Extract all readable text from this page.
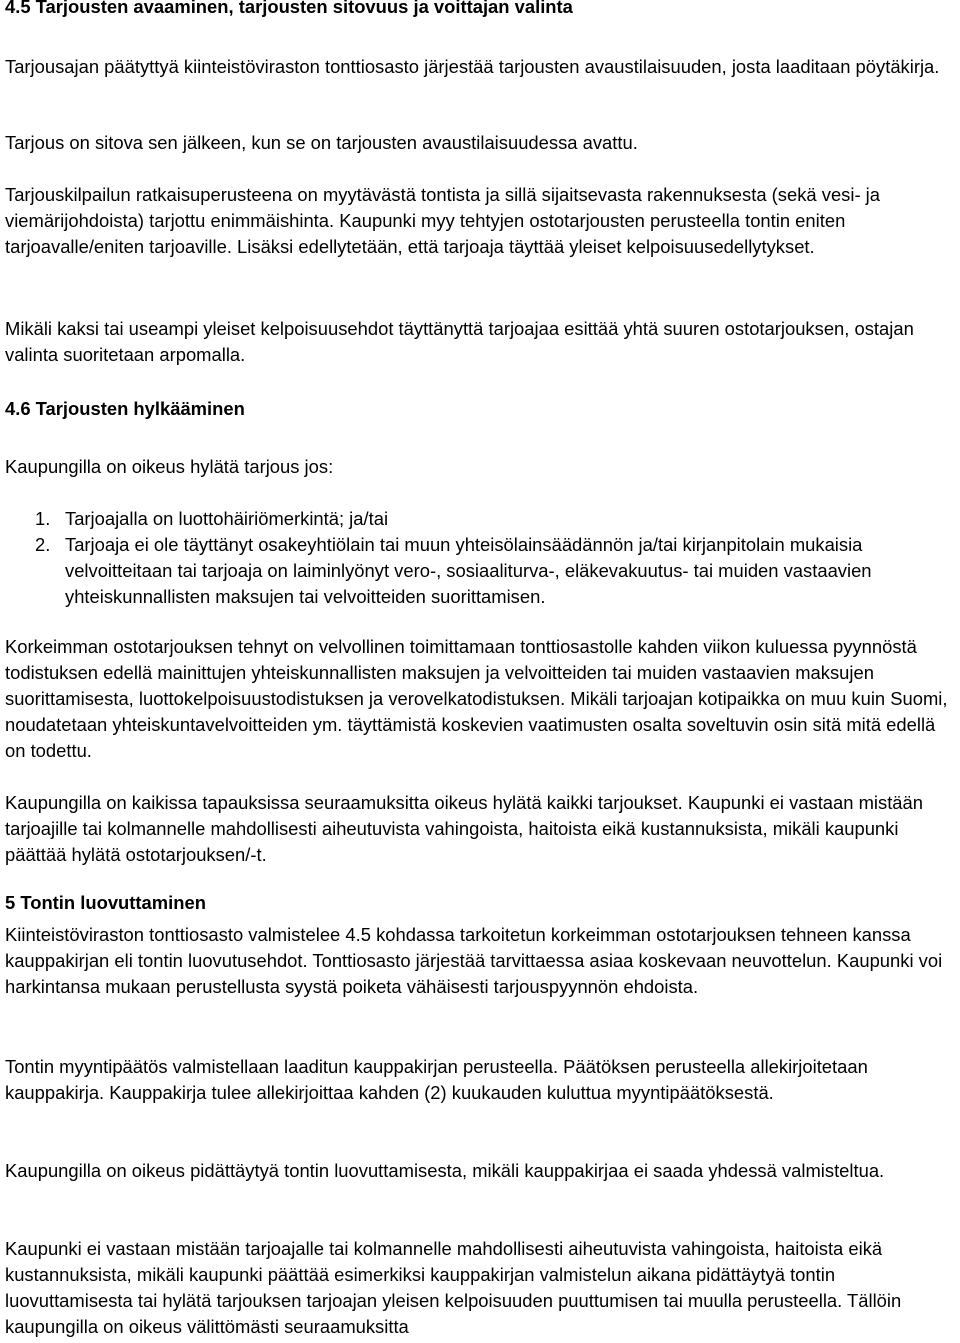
4.5 Tarjousten avaaminen, tarjousten sitovuus ja voittajan valinta

Tarjousajan päätyttyä kiinteistöviraston tonttiosasto järjestää tarjousten avaustilaisuuden, josta laaditaan pöytäkirja.

Tarjous on sitova sen jälkeen, kun se on tarjousten avaustilaisuudessa avattu.

Tarjouskilpailun ratkaisuperusteena on myytävästä tontista ja sillä sijaitsevasta rakennuksesta (sekä vesi- ja viemärijohdoista) tarjottu enimmäishinta. Kaupunki myy tehtyjen ostotarjousten perusteella tontin eniten tarjoavalle/eniten tarjoaville. Lisäksi edellytetään, että tarjoaja täyttää yleiset kelpoisuusedellytykset.

Mikäli kaksi tai useampi yleiset kelpoisuusehdot täyttänyttä tarjoajaa esittää yhtä suuren ostotarjouksen, ostajan valinta suoritetaan arpomalla.

4.6 Tarjousten hylkääminen

Kaupungilla on oikeus hylätä tarjous jos:

1. Tarjoajalla on luottohäiriömerkintä; ja/tai
2. Tarjoaja ei ole täyttänyt osakeyhtiölain tai muun yhteisölainsäädännön ja/tai kirjanpitolain mukaisia velvoitteitaan tai tarjoaja on laiminlyönyt vero-, sosiaaliturva-, eläkevakuutus- tai muiden vastaavien yhteiskunnallisten maksujen tai velvoitteiden suorittamisen.

Korkeimman ostotarjouksen tehnyt on velvollinen toimittamaan tonttiosastolle kahden viikon kuluessa pyynnöstä todistuksen edellä mainittujen yhteiskunnallisten maksujen ja velvoitteiden tai muiden vastaavien maksujen suorittamisesta, luottokelpoisuustodistuksen ja verovelkatodistuksen. Mikäli tarjoajan kotipaikka on muu kuin Suomi, noudatetaan yhteiskuntavelvoitteiden ym. täyttämistä koskevien vaatimusten osalta soveltuvin osin sitä mitä edellä on todettu.

Kaupungilla on kaikissa tapauksissa seuraamuksitta oikeus hylätä kaikki tarjoukset. Kaupunki ei vastaan mistään tarjoajille tai kolmannelle mahdollisesti aiheutuvista vahingoista, haitoista eikä kustannuksista, mikäli kaupunki päättää hylätä ostotarjouksen/-t.

5 Tontin luovuttaminen

Kiinteistöviraston tonttiosasto valmistelee 4.5 kohdassa tarkoitetun korkeimman ostotarjouksen tehneen kanssa kauppakirjan eli tontin luovutusehdot. Tonttiosasto järjestää tarvittaessa asiaa koskevaan neuvottelun. Kaupunki voi harkintansa mukaan perustellusta syystä poiketa vähäisesti tarjouspyynnön ehdoista.

Tontin myyntipäätös valmistellaan laaditun kauppakirjan perusteella. Päätöksen perusteella allekirjoitetaan kauppakirja. Kauppakirja tulee allekirjoittaa kahden (2) kuukauden kuluttua myyntipäätöksestä.

Kaupungilla on oikeus pidättäytyä tontin luovuttamisesta, mikäli kauppakirjaa ei saada yhdessä valmisteltua.

Kaupunki ei vastaan mistään tarjoajalle tai kolmannelle mahdollisesti aiheutuvista vahingoista, haitoista eikä kustannuksista, mikäli kaupunki päättää esimerkiksi kauppakirjan valmistelun aikana pidättäytyä tontin luovuttamisesta tai hylätä tarjouksen tarjoajan yleisen kelpoisuuden puuttumisen tai muulla perusteella. Tällöin kaupungilla on oikeus välittömästi seuraamuksitta
